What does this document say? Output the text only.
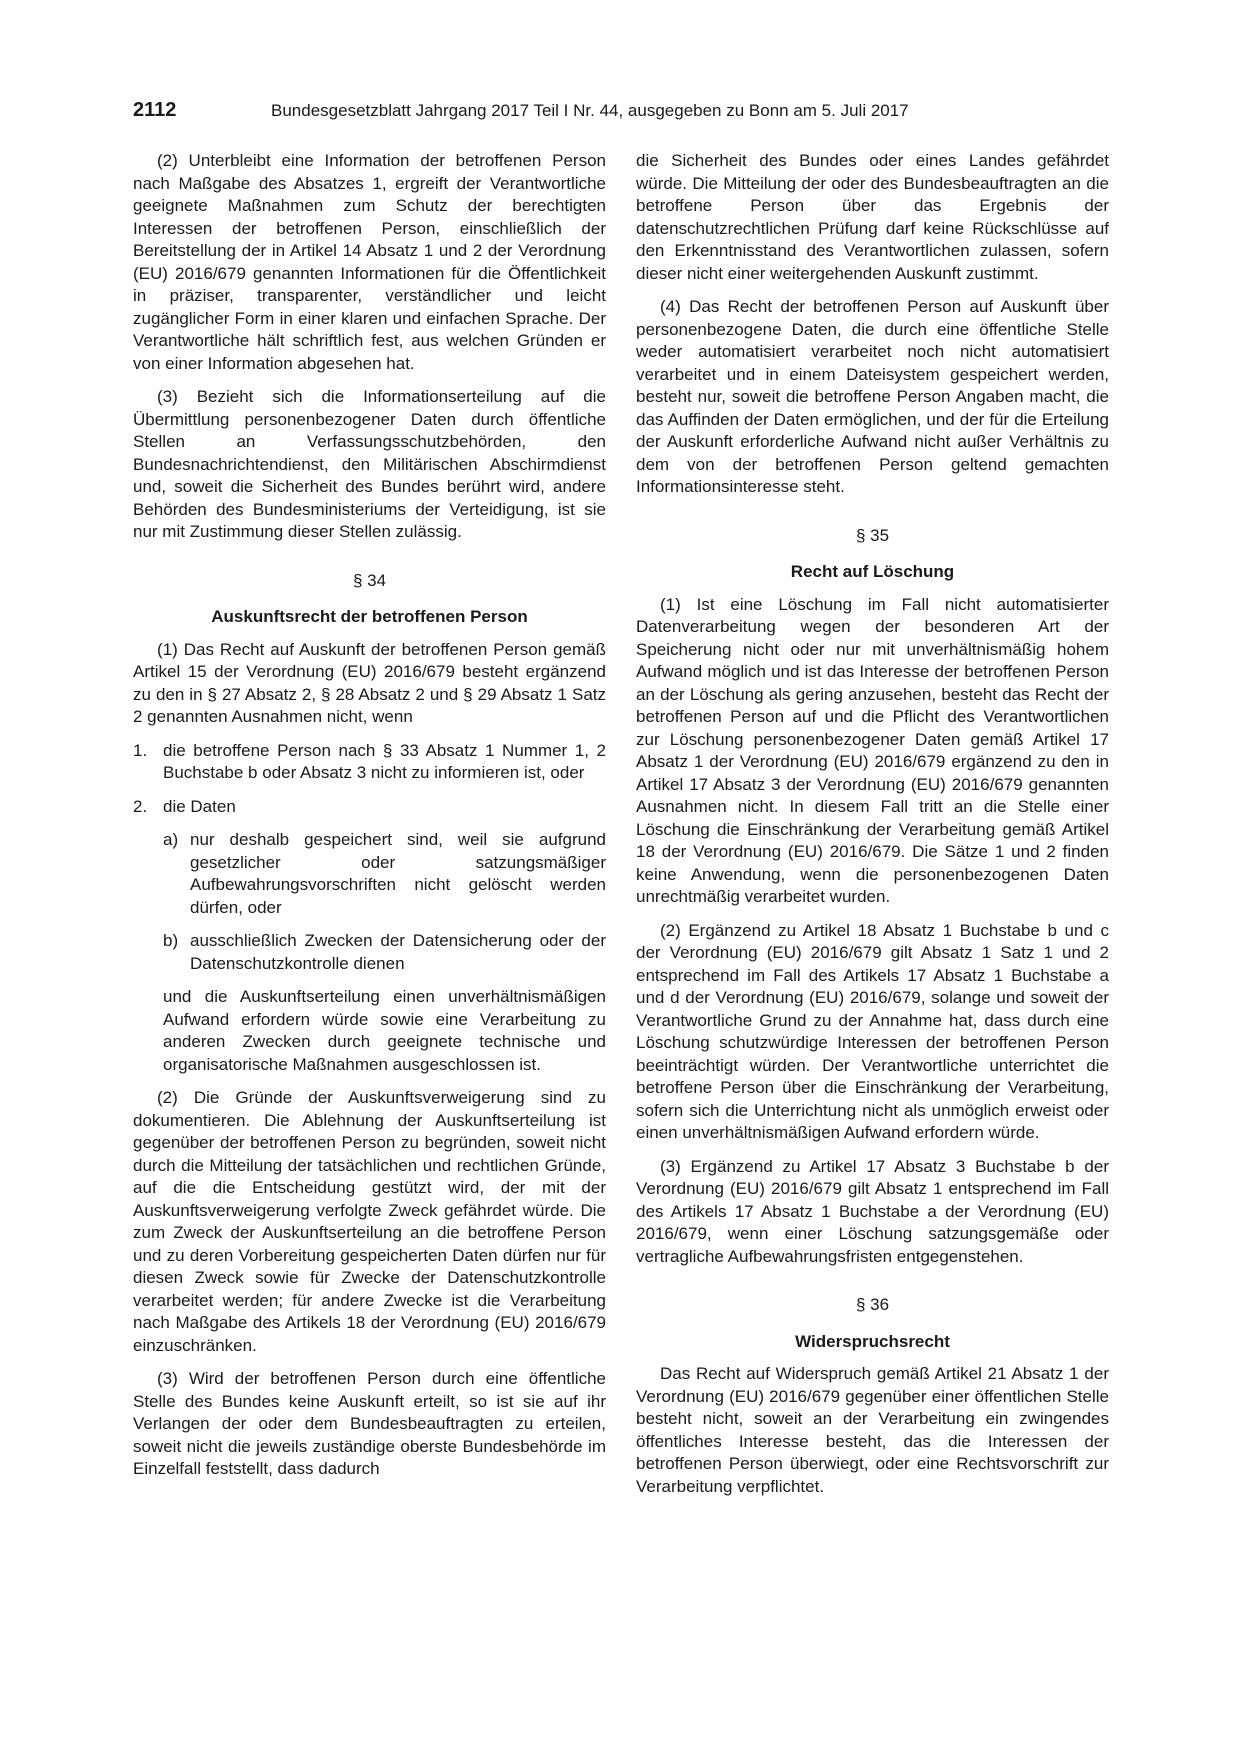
2112	Bundesgesetzblatt Jahrgang 2017 Teil I Nr. 44, ausgegeben zu Bonn am 5. Juli 2017

(2) Unterbleibt eine Information der betroffenen Person nach Maßgabe des Absatzes 1, ergreift der Verantwortliche geeignete Maßnahmen zum Schutz der berechtigten Interessen der betroffenen Person, einschließlich der Bereitstellung der in Artikel 14 Absatz 1 und 2 der Verordnung (EU) 2016/679 genannten Informationen für die Öffentlichkeit in präziser, transparenter, verständlicher und leicht zugänglicher Form in einer klaren und einfachen Sprache. Der Verantwortliche hält schriftlich fest, aus welchen Gründen er von einer Information abgesehen hat.

(3) Bezieht sich die Informationserteilung auf die Übermittlung personenbezogener Daten durch öffentliche Stellen an Verfassungsschutzbehörden, den Bundesnachrichtendienst, den Militärischen Abschirmdienst und, soweit die Sicherheit des Bundes berührt wird, andere Behörden des Bundesministeriums der Verteidigung, ist sie nur mit Zustimmung dieser Stellen zulässig.

§ 34
Auskunftsrecht der betroffenen Person

(1) Das Recht auf Auskunft der betroffenen Person gemäß Artikel 15 der Verordnung (EU) 2016/679 besteht ergänzend zu den in § 27 Absatz 2, § 28 Absatz 2 und § 29 Absatz 1 Satz 2 genannten Ausnahmen nicht, wenn

1. die betroffene Person nach § 33 Absatz 1 Nummer 1, 2 Buchstabe b oder Absatz 3 nicht zu informieren ist, oder
2. die Daten
a) nur deshalb gespeichert sind, weil sie aufgrund gesetzlicher oder satzungsmäßiger Aufbewahrungsvorschriften nicht gelöscht werden dürfen, oder
b) ausschließlich Zwecken der Datensicherung oder der Datenschutzkontrolle dienen

und die Auskunftserteilung einen unverhältnismäßigen Aufwand erfordern würde sowie eine Verarbeitung zu anderen Zwecken durch geeignete technische und organisatorische Maßnahmen ausgeschlossen ist.

(2) Die Gründe der Auskunftsverweigerung sind zu dokumentieren. Die Ablehnung der Auskunftserteilung ist gegenüber der betroffenen Person zu begründen, soweit nicht durch die Mitteilung der tatsächlichen und rechtlichen Gründe, auf die die Entscheidung gestützt wird, der mit der Auskunftsverweigerung verfolgte Zweck gefährdet würde. Die zum Zweck der Auskunftserteilung an die betroffene Person und zu deren Vorbereitung gespeicherten Daten dürfen nur für diesen Zweck sowie für Zwecke der Datenschutzkontrolle verarbeitet werden; für andere Zwecke ist die Verarbeitung nach Maßgabe des Artikels 18 der Verordnung (EU) 2016/679 einzuschränken.

(3) Wird der betroffenen Person durch eine öffentliche Stelle des Bundes keine Auskunft erteilt, so ist sie auf ihr Verlangen der oder dem Bundesbeauftragten zu erteilen, soweit nicht die jeweils zuständige oberste Bundesbehörde im Einzelfall feststellt, dass dadurch

die Sicherheit des Bundes oder eines Landes gefährdet würde. Die Mitteilung der oder des Bundesbeauftragten an die betroffene Person über das Ergebnis der datenschutzrechtlichen Prüfung darf keine Rückschlüsse auf den Erkenntnisstand des Verantwortlichen zulassen, sofern dieser nicht einer weitergehenden Auskunft zustimmt.

(4) Das Recht der betroffenen Person auf Auskunft über personenbezogene Daten, die durch eine öffentliche Stelle weder automatisiert verarbeitet noch nicht automatisiert verarbeitet und in einem Dateisystem gespeichert werden, besteht nur, soweit die betroffene Person Angaben macht, die das Auffinden der Daten ermöglichen, und der für die Erteilung der Auskunft erforderliche Aufwand nicht außer Verhältnis zu dem von der betroffenen Person geltend gemachten Informationsinteresse steht.

§ 35
Recht auf Löschung

(1) Ist eine Löschung im Fall nicht automatisierter Datenverarbeitung wegen der besonderen Art der Speicherung nicht oder nur mit unverhältnismäßig hohem Aufwand möglich und ist das Interesse der betroffenen Person an der Löschung als gering anzusehen, besteht das Recht der betroffenen Person auf und die Pflicht des Verantwortlichen zur Löschung personenbezogener Daten gemäß Artikel 17 Absatz 1 der Verordnung (EU) 2016/679 ergänzend zu den in Artikel 17 Absatz 3 der Verordnung (EU) 2016/679 genannten Ausnahmen nicht. In diesem Fall tritt an die Stelle einer Löschung die Einschränkung der Verarbeitung gemäß Artikel 18 der Verordnung (EU) 2016/679. Die Sätze 1 und 2 finden keine Anwendung, wenn die personenbezogenen Daten unrechtmäßig verarbeitet wurden.

(2) Ergänzend zu Artikel 18 Absatz 1 Buchstabe b und c der Verordnung (EU) 2016/679 gilt Absatz 1 Satz 1 und 2 entsprechend im Fall des Artikels 17 Absatz 1 Buchstabe a und d der Verordnung (EU) 2016/679, solange und soweit der Verantwortliche Grund zu der Annahme hat, dass durch eine Löschung schutzwürdige Interessen der betroffenen Person beeinträchtigt würden. Der Verantwortliche unterrichtet die betroffene Person über die Einschränkung der Verarbeitung, sofern sich die Unterrichtung nicht als unmöglich erweist oder einen unverhältnismäßigen Aufwand erfordern würde.

(3) Ergänzend zu Artikel 17 Absatz 3 Buchstabe b der Verordnung (EU) 2016/679 gilt Absatz 1 entsprechend im Fall des Artikels 17 Absatz 1 Buchstabe a der Verordnung (EU) 2016/679, wenn einer Löschung satzungsgemäße oder vertragliche Aufbewahrungsfristen entgegenstehen.

§ 36
Widerspruchsrecht

Das Recht auf Widerspruch gemäß Artikel 21 Absatz 1 der Verordnung (EU) 2016/679 gegenüber einer öffentlichen Stelle besteht nicht, soweit an der Verarbeitung ein zwingendes öffentliches Interesse besteht, das die Interessen der betroffenen Person überwiegt, oder eine Rechtsvorschrift zur Verarbeitung verpflichtet.
